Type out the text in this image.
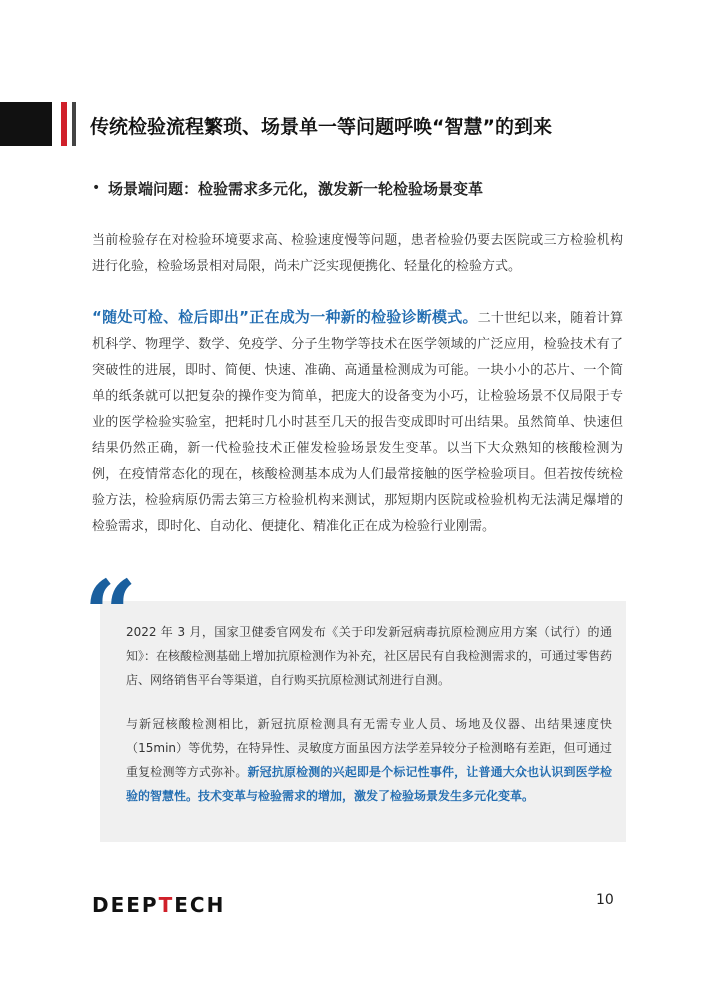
传统检验流程繁琐、场景单一等问题呼唤“智慧”的到来
• 场景端问题：检验需求多元化，激发新一轮检验场景变革

当前检验存在对检验环境要求高、检验速度慢等问题，患者检验仍要去医院或三方检验机构进行化验，检验场景相对局限，尚未广泛实现便携化、轻量化的检验方式。

“随处可检、检后即出”正在成为一种新的检验诊断模式。二十世纪以来，随着计算机科学、物理学、数学、免疫学、分子生物学等技术在医学领域的广泛应用，检验技术有了突破性的进展，即时、简便、快速、准确、高通量检测成为可能。一块小小的芯片、一个简单的纸条就可以把复杂的操作变为简单，把庞大的设备变为小巧，让检验场景不仅局限于专业的医学检验实验室，把耗时几小时甚至几天的报告变成即时可出结果。虽然简单、快速但结果仍然正确，新一代检验技术正催发检验场景发生变革。以当下大众熟知的核酸检测为例，在疫情常态化的现在，核酸检测基本成为人们最常接触的医学检验项目。但若按传统检验方法，检验病原仍需去第三方检验机构来测试，那短期内医院或检验机构无法满足爆增的检验需求，即时化、自动化、便捷化、精准化正在成为检验行业刚需。

“

2022 年 3 月，国家卫健委官网发布《关于印发新冠病毒抗原检测应用方案（试行）的通知》：在核酸检测基础上增加抗原检测作为补充，社区居民有自我检测需求的，可通过零售药店、网络销售平台等渠道，自行购买抗原检测试剂进行自测。

与新冠核酸检测相比，新冠抗原检测具有无需专业人员、场地及仪器、出结果速度快（15min）等优势，在特异性、灵敏度方面虽因方法学差异较分子检测略有差距，但可通过重复检测等方式弥补。新冠抗原检测的兴起即是个标记性事件，让普通大众也认识到医学检验的智慧性。技术变革与检验需求的增加，激发了检验场景发生多元化变革。

DEEPTECH	10
